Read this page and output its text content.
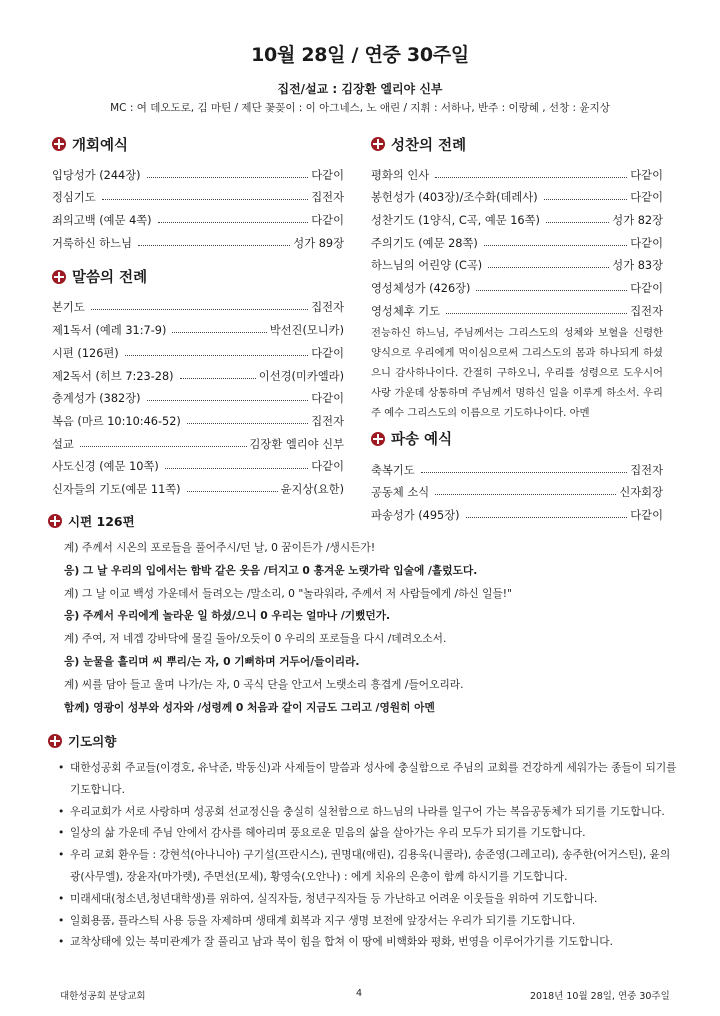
10월 28일 / 연중 30주일
집전/설교 : 김장환 엘리야 신부
MC : 여 데오도로, 김 마틴 / 제단 꽃꽂이 : 이 아그네스, 노 애린 / 지휘 : 서하나, 반주 : 이랑혜 , 선창 : 윤지상
개회예식
입당성가 (244장)	다같이
정심기도	집전자
죄의고백 (예문 4쪽)	다같이
거룩하신 하느님	성가 89장
말씀의 전례
본기도	집전자
제1독서 (예레 31:7-9)	박선진(모니카)
시편 (126편)	다같이
제2독서 (히브 7:23-28)	이선경(미카엘라)
층계성가 (382장)	다같이
복음 (마르 10:10:46-52)	집전자
설교	김장환 엘리야 신부
사도신경 (예문 10쪽)	다같이
신자들의 기도(예문 11쪽)	윤지상(요한)
성찬의 전례
평화의 인사	다같이
봉헌성가 (403장)/조수화(데레사)	다같이
성찬기도 (1양식, C곡, 예문 16쪽)	성가 82장
주의기도 (예문 28쪽)	다같이
하느님의 어린양 (C곡)	성가 83장
영성체성가 (426장)	다같이
영성체후 기도	집전자
전능하신 하느님, 주님께서는 그리스도의 성체와 보혈을 신령한 양식으로 우리에게 먹이심으로써 그리스도의 몸과 하나되게 하셨으니 감사하나이다. 간절히 구하오니, 우리를 성령으로 도우시어 사랑 가운데 상통하며 주님께서 명하신 일을 이루게 하소서. 우리주 예수 그리스도의 이름으로 기도하나이다. 아멘
파송 예식
축복기도	집전자
공동체 소식	신자회장
파송성가 (495장)	다같이
시편 126편
계) 주께서 시온의 포로들을 풀어주시/던 날, 0 꿈이든가 /생시든가!
응) 그 날 우리의 입에서는 함박 같은 웃음 /터지고 0 흥겨운 노랫가락 입술에 /흘렀도다.
계) 그 날 이교 백성 가운데서 들려오는 /말소리, 0 "놀라워라, 주께서 저 사람들에게 /하신 일들!"
응) 주께서 우리에게 놀라운 일 하셨/으니 0 우리는 얼마나 /기뻤던가.
계) 주여, 저 네겝 강바닥에 물길 돌아/오듯이 0 우리의 포로들을 다시 /데려오소서.
응) 눈물을 흘리며 씨 뿌리/는 자, 0 기뻐하며 거두어/들이리라.
계) 씨를 담아 들고 울며 나가/는 자, 0 곡식 단을 안고서 노랫소리 흥겹게 /들어오리라.
함께) 영광이 성부와 성자와 /성령께 0 처음과 같이 지금도 그리고 /영원히 아멘
기도의향
• 대한성공회 주교들(이경호, 유낙준, 박동신)과 사제들이 말씀과 성사에 충실함으로 주님의 교회를 건강하게 세워가는 종들이 되기를 기도합니다.
• 우리교회가 서로 사랑하며 성공회 선교정신을 충실히 실천함으로 하느님의 나라를 일구어 가는 복음공동체가 되기를 기도합니다.
• 일상의 삶 가운데 주님 안에서 감사를 헤아리며 풍요로운 믿음의 삶을 살아가는 우리 모두가 되기를 기도합니다.
• 우리 교회 환우들 : 강현석(아나니아) 구기설(프란시스), 권명대(애린), 김용욱(니콜라), 송준영(그레고리), 송주한(어거스틴), 윤의광(사무엘), 장윤자(마가렛), 주면선(모세), 황영숙(오안나) : 에게 치유의 은총이 함께 하시기를 기도합니다.
• 미래세대(청소년,청년대학생)를 위하여, 실직자들, 청년구직자들 등 가난하고 어려운 이웃들을 위하여 기도합니다.
• 일회용품, 플라스틱 사용 등을 자제하며 생태계 회복과 지구 생명 보전에 앞장서는 우리가 되기를 기도합니다.
• 교착상태에 있는 북미관계가 잘 풀리고 남과 북이 힘을 합쳐 이 땅에 비핵화와 평화, 번영을 이루어가기를 기도합니다.
대한성공회 분당교회	4	2018년 10월 28일, 연중 30주일
